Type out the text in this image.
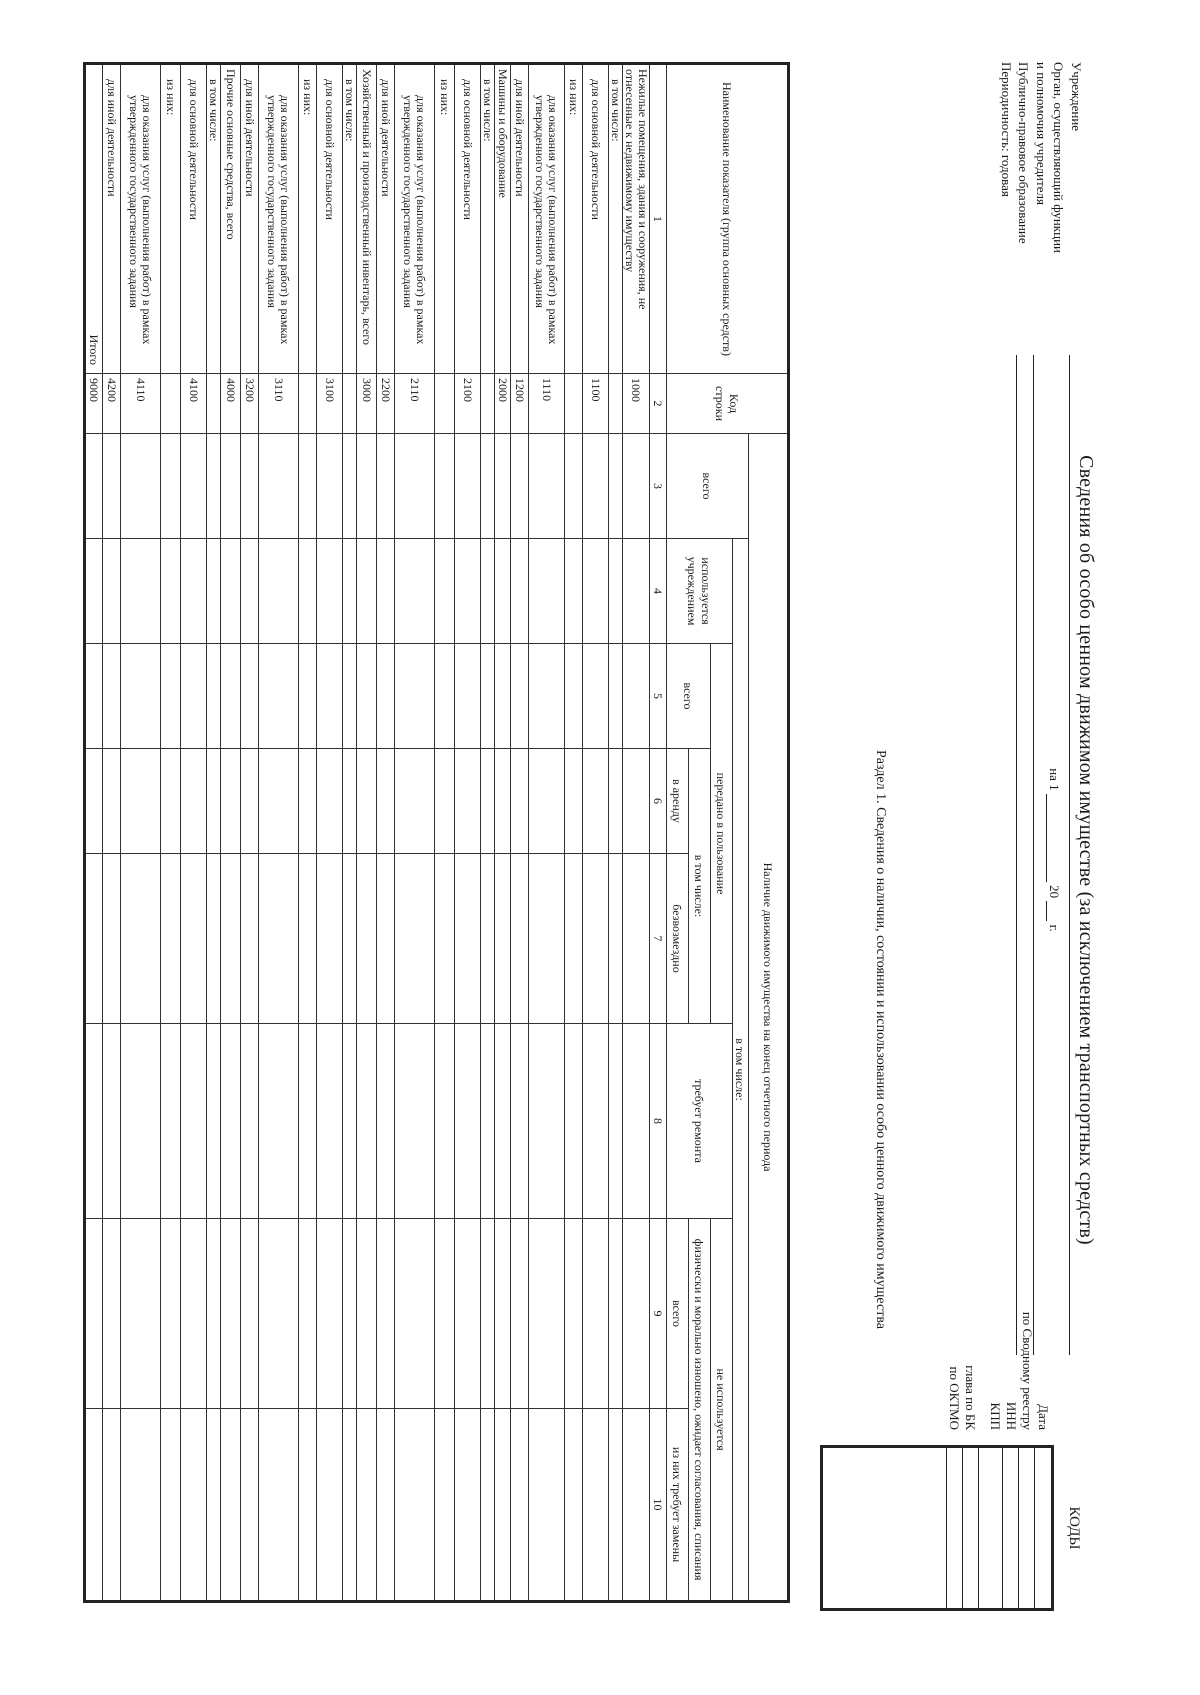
Сведения об особо ценном движимом имуществе (за исключением транспортных средств)
на 1  20  г.
Учреждение
Орган, осуществляющий функции
и полномочия учредителя
Публично-правовое образование
Периодичность: годовая
КОДЫ
Дата
по Сводному реестру
ИНН
КПП
глава по БК
по ОКТМО
Раздел 1. Сведения о наличии, состоянии и использовании особо ценного движимого имущества
Наименование показателя (группа основных средств)	Код строки	Наличие движимого имущества на конец отчетного периода							
		всего	в том числе:						
			используется учреждением	передано в пользование			требует ремонта	не используется	
				всего	в том числе:			физически и морально изношено, ожидает согласования, списания	
					в аренду	безвозмездно		всего	из них требует замены
1	2	3	4	5	6	7	8	9	10
Нежилые помещения, здания и сооружения, не отнесенные к недвижимому имуществу	1000								
в том числе:									
для основной деятельности	1100								
из них:									
для оказания услуг (выполнения работ) в рамках утвержденного государственного задания	1110								
для иной деятельности	1200								
Машины и оборудование	2000								
в том числе:									
для основной деятельности	2100								
из них:									
для оказания услуг (выполнения работ) в рамках утвержденного государственного задания	2110								
для иной деятельности	2200								
Хозяйственный и производственный инвентарь, всего	3000								
в том числе:									
для основной деятельности	3100								
из них:									
для оказания услуг (выполнения работ) в рамках утвержденного государственного задания	3110								
для иной деятельности	3200								
Прочие основные средства, всего	4000								
в том числе:									
для основной деятельности	4100								
из них:									
для оказания услуг (выполнения работ) в рамках утвержденного государственного задания	4110								
для иной деятельности	4200								
Итого	9000								
